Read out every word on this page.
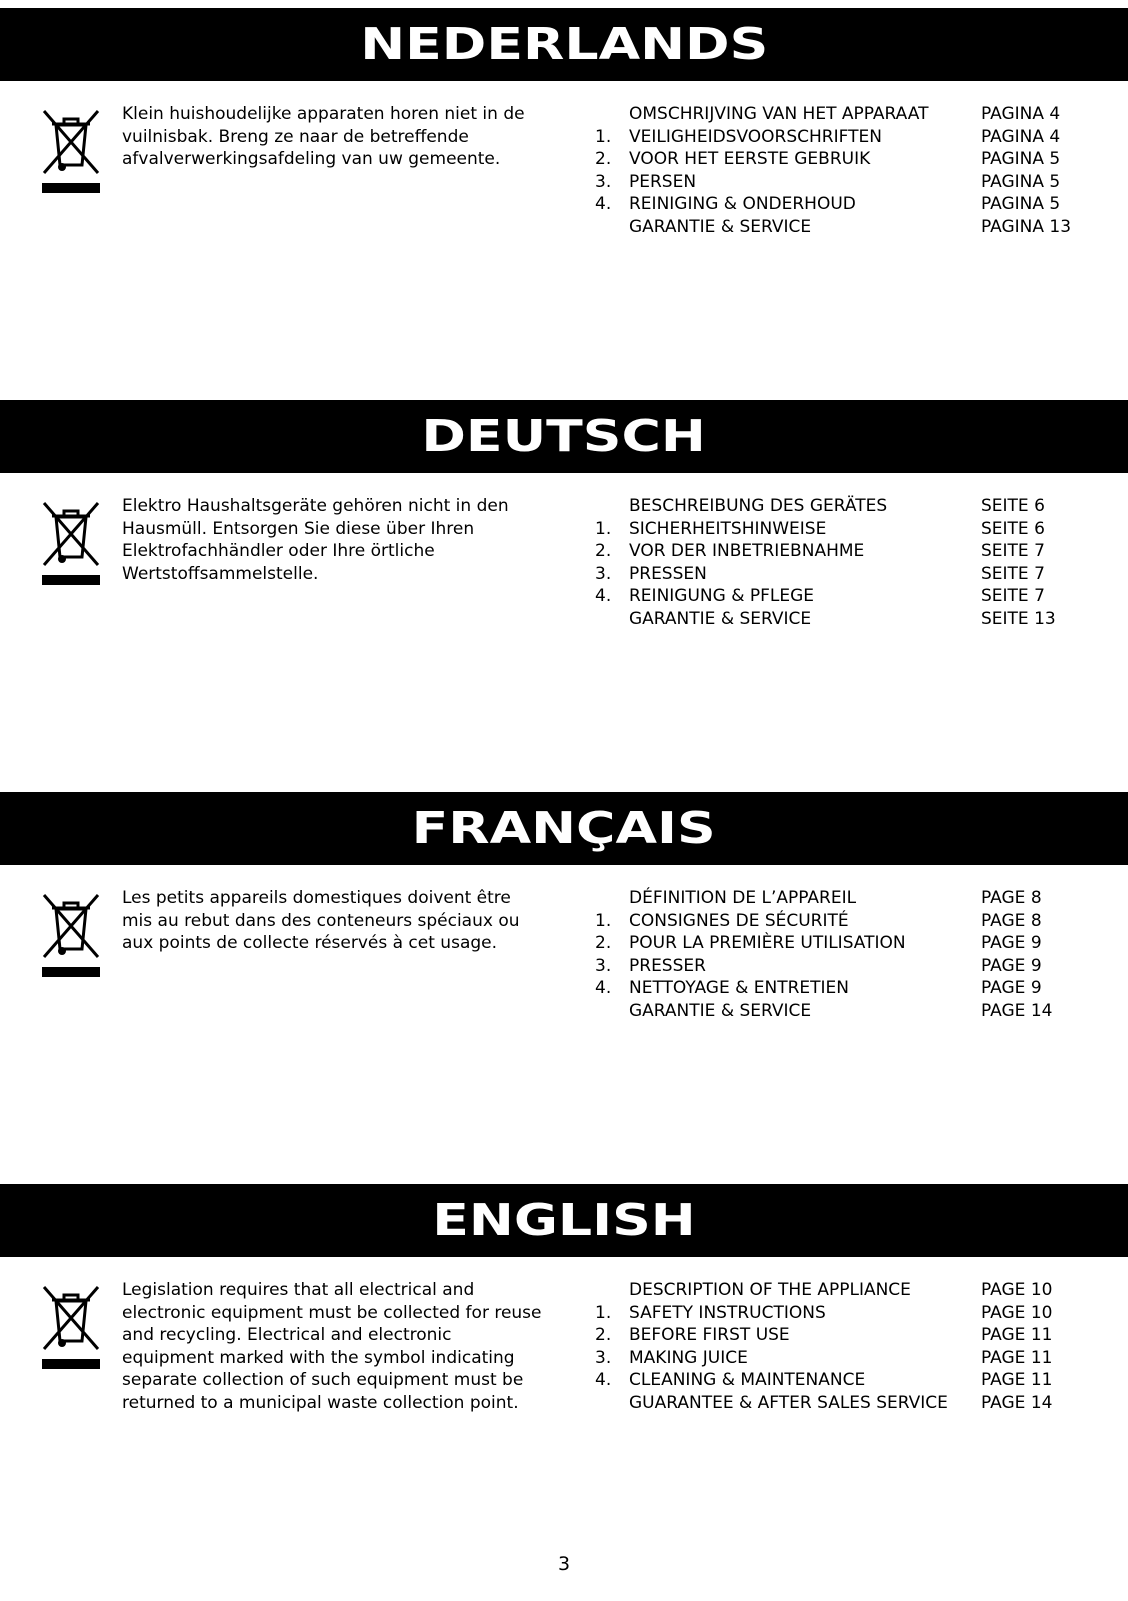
NEDERLANDS

Klein huishoudelijke apparaten horen niet in de vuilnisbak. Breng ze naar de betreffende afvalverwerkingsafdeling van uw gemeente.

OMSCHRIJVING VAN HET APPARAAT	PAGINA 4
1. VEILIGHEIDSVOORSCHRIFTEN	PAGINA 4
2. VOOR HET EERSTE GEBRUIK	PAGINA 5
3. PERSEN	PAGINA 5
4. REINIGING & ONDERHOUD	PAGINA 5
GARANTIE & SERVICE	PAGINA 13
DEUTSCH

Elektro Haushaltsgeräte gehören nicht in den Hausmüll. Entsorgen Sie diese über Ihren Elektrofachhändler oder Ihre örtliche Wertstoffsammelstelle.

BESCHREIBUNG DES GERÄTES	SEITE 6
1. SICHERHEITSHINWEISE	SEITE 6
2. VOR DER INBETRIEBNAHME	SEITE 7
3. PRESSEN	SEITE 7
4. REINIGUNG & PFLEGE	SEITE 7
GARANTIE & SERVICE	SEITE 13
FRANÇAIS

Les petits appareils domestiques doivent être mis au rebut dans des conteneurs spéciaux ou aux points de collecte réservés à cet usage.

DÉFINITION DE L’APPAREIL	PAGE 8
1. CONSIGNES DE SÉCURITÉ	PAGE 8
2. POUR LA PREMIÈRE UTILISATION	PAGE 9
3. PRESSER	PAGE 9
4. NETTOYAGE & ENTRETIEN	PAGE 9
GARANTIE & SERVICE	PAGE 14
ENGLISH

Legislation requires that all electrical and electronic equipment must be collected for reuse and recycling. Electrical and electronic equipment marked with the symbol indicating separate collection of such equipment must be returned to a municipal waste collection point.

DESCRIPTION OF THE APPLIANCE	PAGE 10
1. SAFETY INSTRUCTIONS	PAGE 10
2. BEFORE FIRST USE	PAGE 11
3. MAKING JUICE	PAGE 11
4. CLEANING & MAINTENANCE	PAGE 11
GUARANTEE & AFTER SALES SERVICE PAGE 14
3
